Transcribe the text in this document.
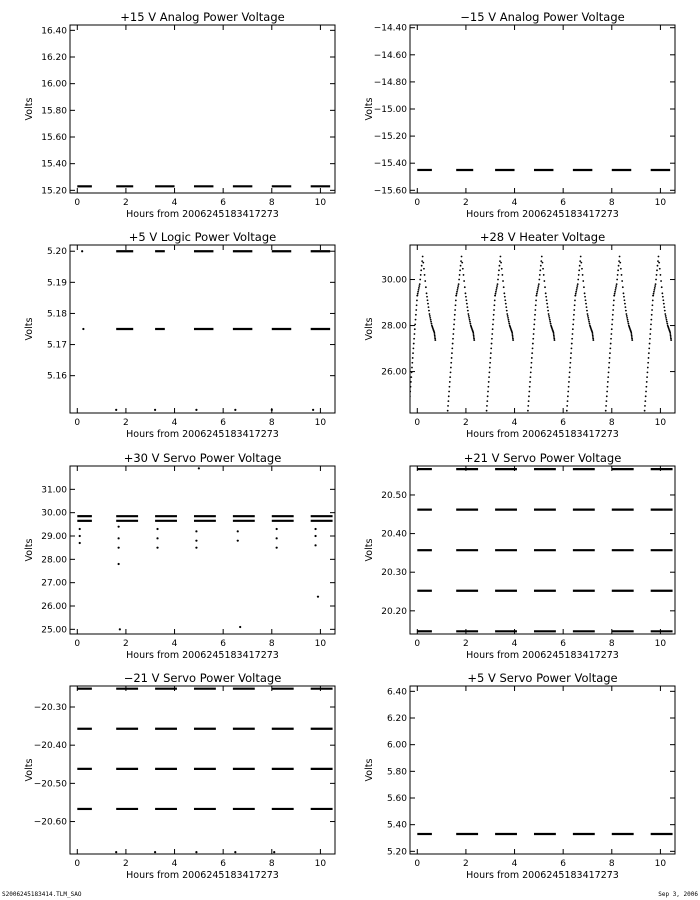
+15 V Analog Power Voltage
0	2	4	6	8	10
15.20
15.40
15.60
15.80
16.00
16.20
16.40
Hours from 2006245183417273
Volts
−15 V Analog Power Voltage
0	2	4	6	8	10
−15.60
−15.40
−15.20
−15.00
−14.80
−14.60
−14.40
Hours from 2006245183417273
Volts
+5 V Logic Power Voltage
0	2	4	6	8	10
5.16
5.17
5.18
5.19
5.20
Hours from 2006245183417273
Volts
+28 V Heater Voltage
0	2	4	6	8	10
26.00
28.00
30.00
Hours from 2006245183417273
Volts
+30 V Servo Power Voltage
0	2	4	6	8	10
25.00
26.00
27.00
28.00
29.00
30.00
31.00
Hours from 2006245183417273
Volts
+21 V Servo Power Voltage
0	2	4	6	8	10
20.20
20.30
20.40
20.50
Hours from 2006245183417273
Volts
−21 V Servo Power Voltage
0	2	4	6	8	10
−20.60
−20.50
−20.40
−20.30
Hours from 2006245183417273
Volts
+5 V Servo Power Voltage
0	2	4	6	8	10
5.20
5.40
5.60
5.80
6.00
6.20
6.40
Hours from 2006245183417273
Volts
S2006245183414.TLM_SAO	Sep 3, 2006
